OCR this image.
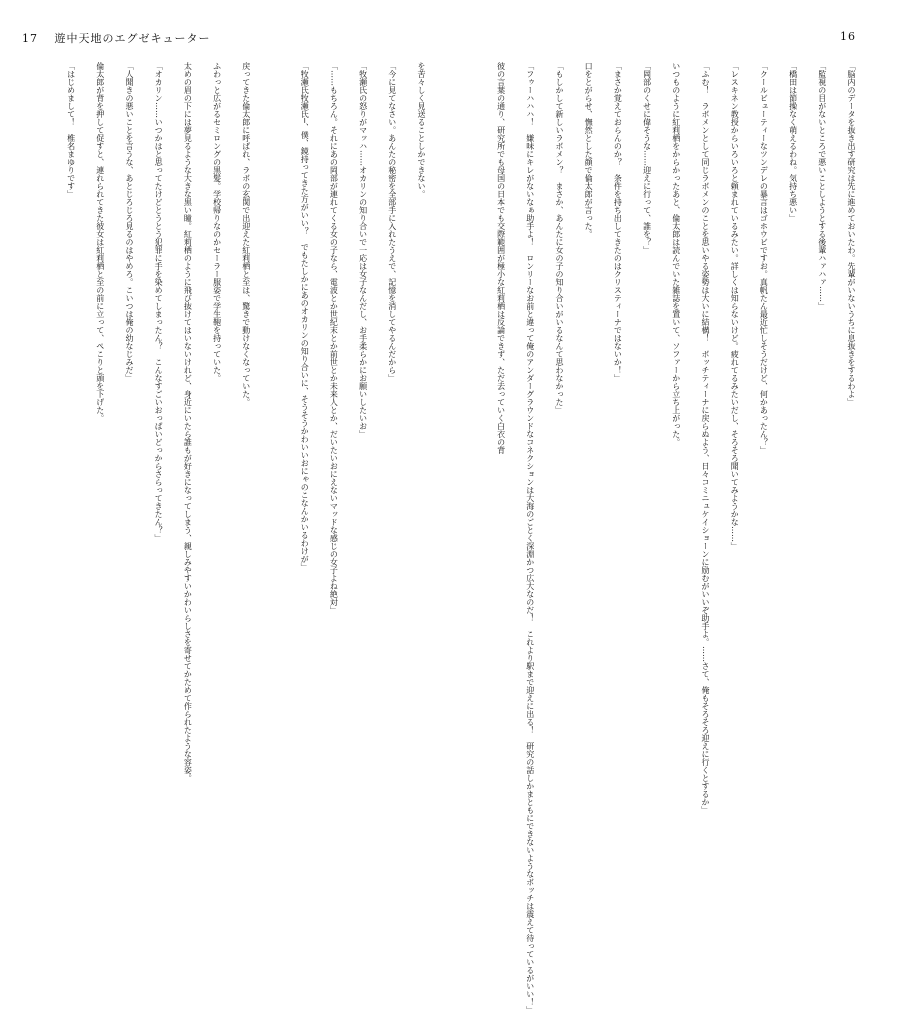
17 遊中天地のエグゼキューター
を苦々しく見送ることしかできない。
「今に見てなさい。あんたの秘密を全部手に入れたうえで、記憶を消してやるんだから」
「牧瀬氏の怒りがマッハ……オカリンの知り合いで一応は女子なんだし、お手柔らかにお願いしたいお」
「……もちろん。それにあの岡部が連れてくる女の子なら、電波とか世紀末とか前世とか未来人とか、だいたいおにえないマッドな感じの女子よね絶対」
「牧瀬氏牧瀬氏─、僕、鏡持ってきた方がいい？　でもたしかにあのオカリンの知り合いに、そうそうかわいいおにゃのこなんかいるわけが」
戻ってきた倫太郎に呼ばれ、ラボの玄関で出迎えた紅莉栖と至は、驚きで動けなくなっていた。
ふわっと広がるセミロングの黒髪。学校帰りなのかセーラー服姿で学生鞄を持っていた。
太めの眉の下には夢見るような大きな黒い瞳。紅莉栖のように飛び抜けてはいないけれど、身近にいたら誰もが好きになってしまう、親しみやすいかわいらしさを寄せてかためて作られたような容姿。
「オカリン……いつかはと思ってたけどとうとう犯罪に手を染めてしまったん？　こんなすごいおっぱいどっからさらってきたん？」
「人聞きの悪いことを言うな、あとじろじろ見るのはやめろ。こいつは俺の幼なじみだ」
倫太郎が背を押して促すと、連れられてきた彼女は紅莉栖と至の前に立って、ぺこりと頭を下げた。
「はじめまして！　椎名まゆりです」
16
「脳内のデータを抜き出す研究は先に進めておいたわ。先輩がいないうちに息抜きをするわよ」
「監視の目がないところで悪いことしようとする後輩ハァハァ……」
「橋田は節操なく萌えるわね。気持ち悪い」
「クールビューティーなツンデレの暴言はゴホウビですお。真帆たん最近忙しそうだけど、何かあったん？」
「レスキネン教授からいろいろと頼まれているみたい。詳しくは知らないけど。疲れてるみたいだし、そろそろ聞いてみようかな……」
「ふむ！　ラボメンとして同じラボメンのことを思いやる姿勢は大いに結構！　ボッチティーナに戻らぬよう、日々コミニュケイショーンに励むがいいぞ助手よ。……さて、俺もそろそろ迎えに行くとするか」
いつものように紅莉栖をからかったあと、倫太郎は読んでいた雑誌を置いて、ソファーから立ち上がった。
「岡部のくせに偉そうな……迎えに行って、誰を？」
「まさか覚えておらんのか？　条件を持ち出してきたのはクリスティーナではないか！」
口をとがらせ、憮然とした顔で倫太郎が言った。
「もしかして新しいラボメン？　まさか、あんたに女の子の知り合いがいるなんて思わなかった」
「フゥーハハハ！　嫌味にキレがないなぁ助手よ！　ロンリーなお前と違って俺のアンダーグラウンドなコネクションは大海のごとく深淵かつ広大なのだ！　これより駅まで迎えに出る！　研究の話しかまともにできないようなボッチは震えて待っているがいい！」
彼の言葉の通り、研究所でも母国の日本でも交際範囲が極小な紅莉栖は反論できず、ただ去っていく白衣の背
